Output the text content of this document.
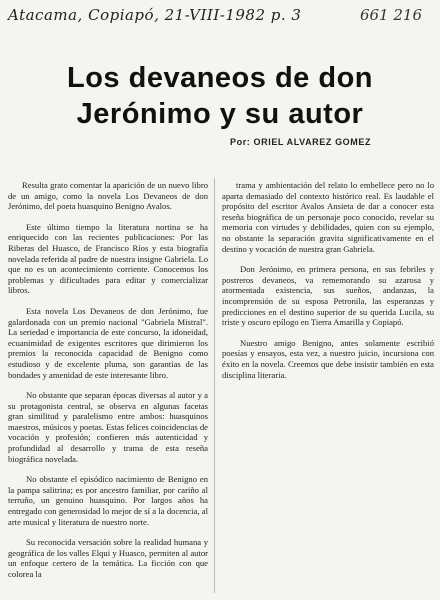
Atacama, Copiapó, 21-VIII-1982 p. 3	661 216
Los devaneos de don
Jerónimo y su autor
Por: ORIEL ALVAREZ GOMEZ

Resulta grato comentar la aparición de un nuevo libro de un amigo, como la novela Los Devaneos de don Jerónimo, del poeta huasquino Benigno Avalos.

Este último tiempo la literatura nortina se ha enriquecido con las recientes publicaciones: Por las Riberas del Huasco, de Francisco Ríos y esta biografía novelada referida al padre de nuestra insigne Gabriela. Lo que no es un acontecimiento corriente. Conocemos los problemas y dificultades para editar y comercializar libros.

Esta novela Los Devaneos de don Jerónimo, fue galardonada con un premio nacional "Gabriela Mistral". La seriedad e importancia de este concurso, la idoneidad, ecuanimidad de exigentes escritores que dirimieron los premios la reconocida capacidad de Benigno como estudioso y de excelente pluma, son garantías de las bondades y amenidad de este interesante libro.

No obstante que separan épocas diversas al autor y a su protagonista central, se observa en algunas facetas gran similitud y paralelismo entre ambos: huasquinos maestros, músicos y poetas. Estas felices coincidencias de vocación y profesión; confieren más autenticidad y profundidad al desarrollo y trama de esta reseña biográfica novelada.

No obstante el episódico nacimiento de Benigno en la pampa salitrina; es por ancestro familiar, por cariño al terruño, un genuino huasquino. Por largos años ha entregado con generosidad lo mejor de sí a la docencia, al arte musical y literatura de nuestro norte.

Su reconocida versación sobre la realidad humana y geográfica de los valles Elqui y Huasco, permiten al autor un enfoque certero de la temática. La ficción con que colorea la

trama y ambientación del relato lo embellece pero no lo aparta demasiado del contexto histórico real. Es laudable el propósito del escritor Avalos Ansieta de dar a conocer esta reseña biográfica de un personaje poco conocido, revelar su memoria con virtudes y debilidades, quien con su ejemplo, no obstante la separación gravita significativamente en el destino y vocación de nuestra gran Gabriela.

Don Jerónimo, en primera persona, en sus febriles y postreros devaneos, va rememorando su azarosa y atormentada existencia, sus sueños, andanzas, la incomprensión de su esposa Petronila, las esperanzas y predicciones en el destino superior de su querida Lucila, su triste y oscuro epílogo en Tierra Amarilla y Copiapó.

Nuestro amigo Benigno, antes solamente escribió poesías y ensayos, esta vez, a nuestro juicio, incursiona con éxito en la novela. Creemos que debe insistir también en esta disciplina literaria.
